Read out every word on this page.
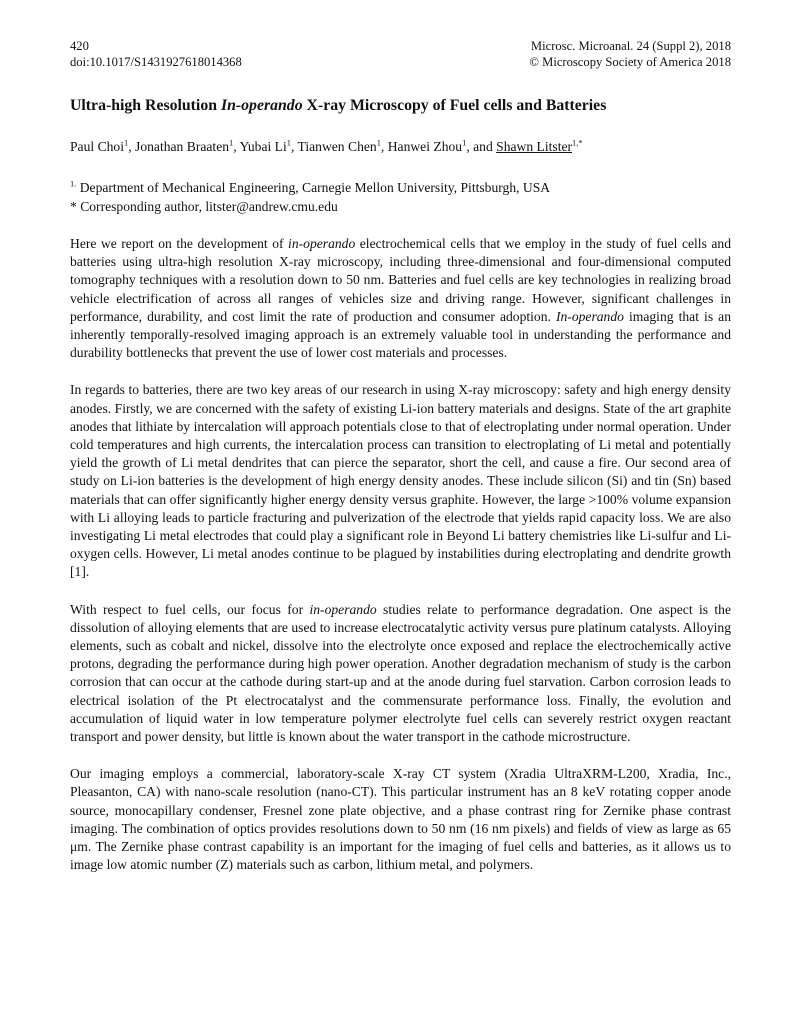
420
doi:10.1017/S1431927618014368
Microsc. Microanal. 24 (Suppl 2), 2018
© Microscopy Society of America 2018
Ultra-high Resolution In-operando X-ray Microscopy of Fuel cells and Batteries
Paul Choi$^1$, Jonathan Braaten$^1$, Yubai Li$^1$, Tianwen Chen$^1$, Hanwei Zhou$^1$, and Shawn Litster$^{1,*}$
$^{1.}$ Department of Mechanical Engineering, Carnegie Mellon University, Pittsburgh, USA
* Corresponding author, litster@andrew.cmu.edu

Here we report on the development of in-operando electrochemical cells that we employ in the study of fuel cells and batteries using ultra-high resolution X-ray microscopy, including three-dimensional and four-dimensional computed tomography techniques with a resolution down to 50 nm. Batteries and fuel cells are key technologies in realizing broad vehicle electrification of across all ranges of vehicles size and driving range. However, significant challenges in performance, durability, and cost limit the rate of production and consumer adoption. In-operando imaging that is an inherently temporally-resolved imaging approach is an extremely valuable tool in understanding the performance and durability bottlenecks that prevent the use of lower cost materials and processes.

In regards to batteries, there are two key areas of our research in using X-ray microscopy: safety and high energy density anodes. Firstly, we are concerned with the safety of existing Li-ion battery materials and designs. State of the art graphite anodes that lithiate by intercalation will approach potentials close to that of electroplating under normal operation. Under cold temperatures and high currents, the intercalation process can transition to electroplating of Li metal and potentially yield the growth of Li metal dendrites that can pierce the separator, short the cell, and cause a fire. Our second area of study on Li-ion batteries is the development of high energy density anodes. These include silicon (Si) and tin (Sn) based materials that can offer significantly higher energy density versus graphite. However, the large >100% volume expansion with Li alloying leads to particle fracturing and pulverization of the electrode that yields rapid capacity loss. We are also investigating Li metal electrodes that could play a significant role in Beyond Li battery chemistries like Li-sulfur and Li-oxygen cells. However, Li metal anodes continue to be plagued by instabilities during electroplating and dendrite growth [1].

With respect to fuel cells, our focus for in-operando studies relate to performance degradation. One aspect is the dissolution of alloying elements that are used to increase electrocatalytic activity versus pure platinum catalysts. Alloying elements, such as cobalt and nickel, dissolve into the electrolyte once exposed and replace the electrochemically active protons, degrading the performance during high power operation. Another degradation mechanism of study is the carbon corrosion that can occur at the cathode during start-up and at the anode during fuel starvation. Carbon corrosion leads to electrical isolation of the Pt electrocatalyst and the commensurate performance loss. Finally, the evolution and accumulation of liquid water in low temperature polymer electrolyte fuel cells can severely restrict oxygen reactant transport and power density, but little is known about the water transport in the cathode microstructure.

Our imaging employs a commercial, laboratory-scale X-ray CT system (Xradia UltraXRM-L200, Xradia, Inc., Pleasanton, CA) with nano-scale resolution (nano-CT). This particular instrument has an 8 keV rotating copper anode source, monocapillary condenser, Fresnel zone plate objective, and a phase contrast ring for Zernike phase contrast imaging. The combination of optics provides resolutions down to 50 nm (16 nm pixels) and fields of view as large as 65 μm. The Zernike phase contrast capability is an important for the imaging of fuel cells and batteries, as it allows us to image low atomic number (Z) materials such as carbon, lithium metal, and polymers.
